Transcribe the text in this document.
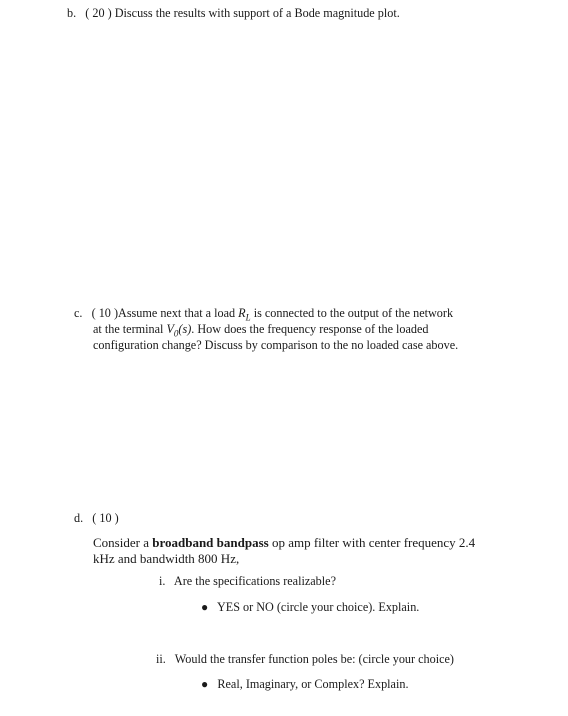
b. ( 20 ) Discuss the results with support of a Bode magnitude plot.
c. ( 10 )Assume next that a load $R_L$ is connected to the output of the network
at the terminal $V_0(s)$. How does the frequency response of the loaded
configuration change? Discuss by comparison to the no loaded case above.
d. ( 10 )
Consider a broadband bandpass op amp filter with center frequency 2.4
kHz and bandwidth 800 Hz,
i. Are the specifications realizable?
● YES or NO (circle your choice). Explain.
ii. Would the transfer function poles be: (circle your choice)
● Real, Imaginary, or Complex? Explain.
